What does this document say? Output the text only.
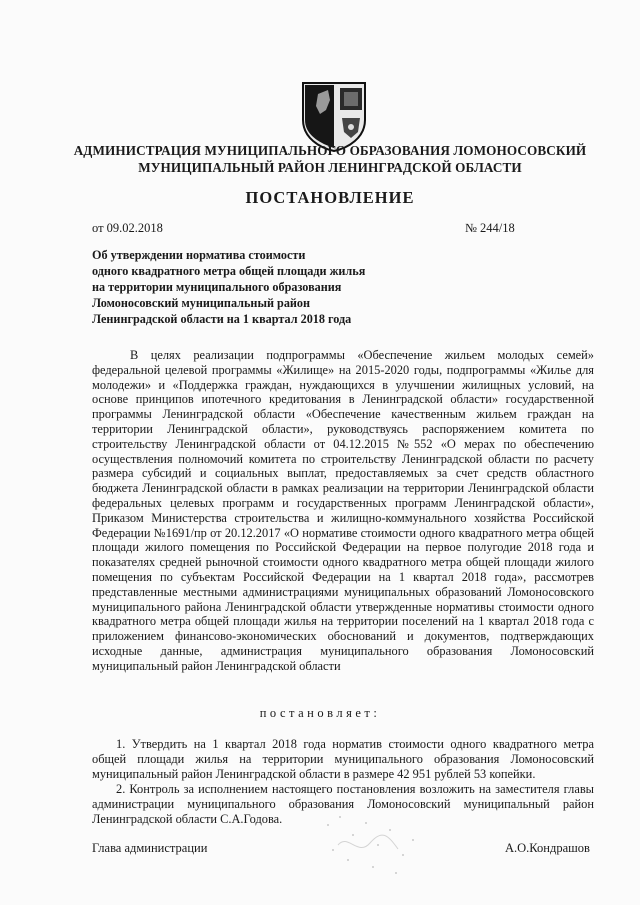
АДМИНИСТРАЦИЯ МУНИЦИПАЛЬНОГО ОБРАЗОВАНИЯ ЛОМОНОСОВСКИЙ
МУНИЦИПАЛЬНЫЙ РАЙОН ЛЕНИНГРАДСКОЙ ОБЛАСТИ
ПОСТАНОВЛЕНИЕ
от 09.02.2018	№ 244/18
Об утверждении норматива стоимости
одного квадратного метра общей площади жилья
на территории муниципального образования
Ломоносовский муниципальный район
Ленинградской области на 1 квартал 2018 года

В целях реализации подпрограммы «Обеспечение жильем молодых семей» федеральной целевой программы «Жилище» на 2015-2020 годы, подпрограммы «Жилье для молодежи» и «Поддержка граждан, нуждающихся в улучшении жилищных условий, на основе принципов ипотечного кредитования в Ленинградской области» государственной программы Ленинградской области «Обеспечение качественным жильем граждан на территории Ленинградской области», руководствуясь распоряжением комитета по строительству Ленинградской области от 04.12.2015 №552 «О мерах по обеспечению осуществления полномочий комитета по строительству Ленинградской области по расчету размера субсидий и социальных выплат, предоставляемых за счет средств областного бюджета Ленинградской области в рамках реализации на территории Ленинградской области федеральных целевых программ и государственных программ Ленинградской области», Приказом Министерства строительства и жилищно-коммунального хозяйства Российской Федерации №1691/пр от 20.12.2017 «О нормативе стоимости одного квадратного метра общей площади жилого помещения по Российской Федерации на первое полугодие 2018 года и показателях средней рыночной стоимости одного квадратного метра общей площади жилого помещения по субъектам Российской Федерации на 1 квартал 2018 года», рассмотрев представленные местными администрациями муниципальных образований Ломоносовского муниципального района Ленинградской области утвержденные нормативы стоимости одного квадратного метра общей площади жилья на территории поселений на 1 квартал 2018 года с приложением финансово-экономических обоснований и документов, подтверждающих исходные данные, администрация муниципального образования Ломоносовский муниципальный район Ленинградской области

постановляет:

1. Утвердить на 1 квартал 2018 года норматив стоимости одного квадратного метра общей площади жилья на территории муниципального образования Ломоносовский муниципальный район Ленинградской области в размере 42 951 рублей 53 копейки.

2. Контроль за исполнением настоящего постановления возложить на заместителя главы администрации муниципального образования Ломоносовский муниципальный район Ленинградской области С.А.Годова.

Глава администрации	А.О.Кондрашов
